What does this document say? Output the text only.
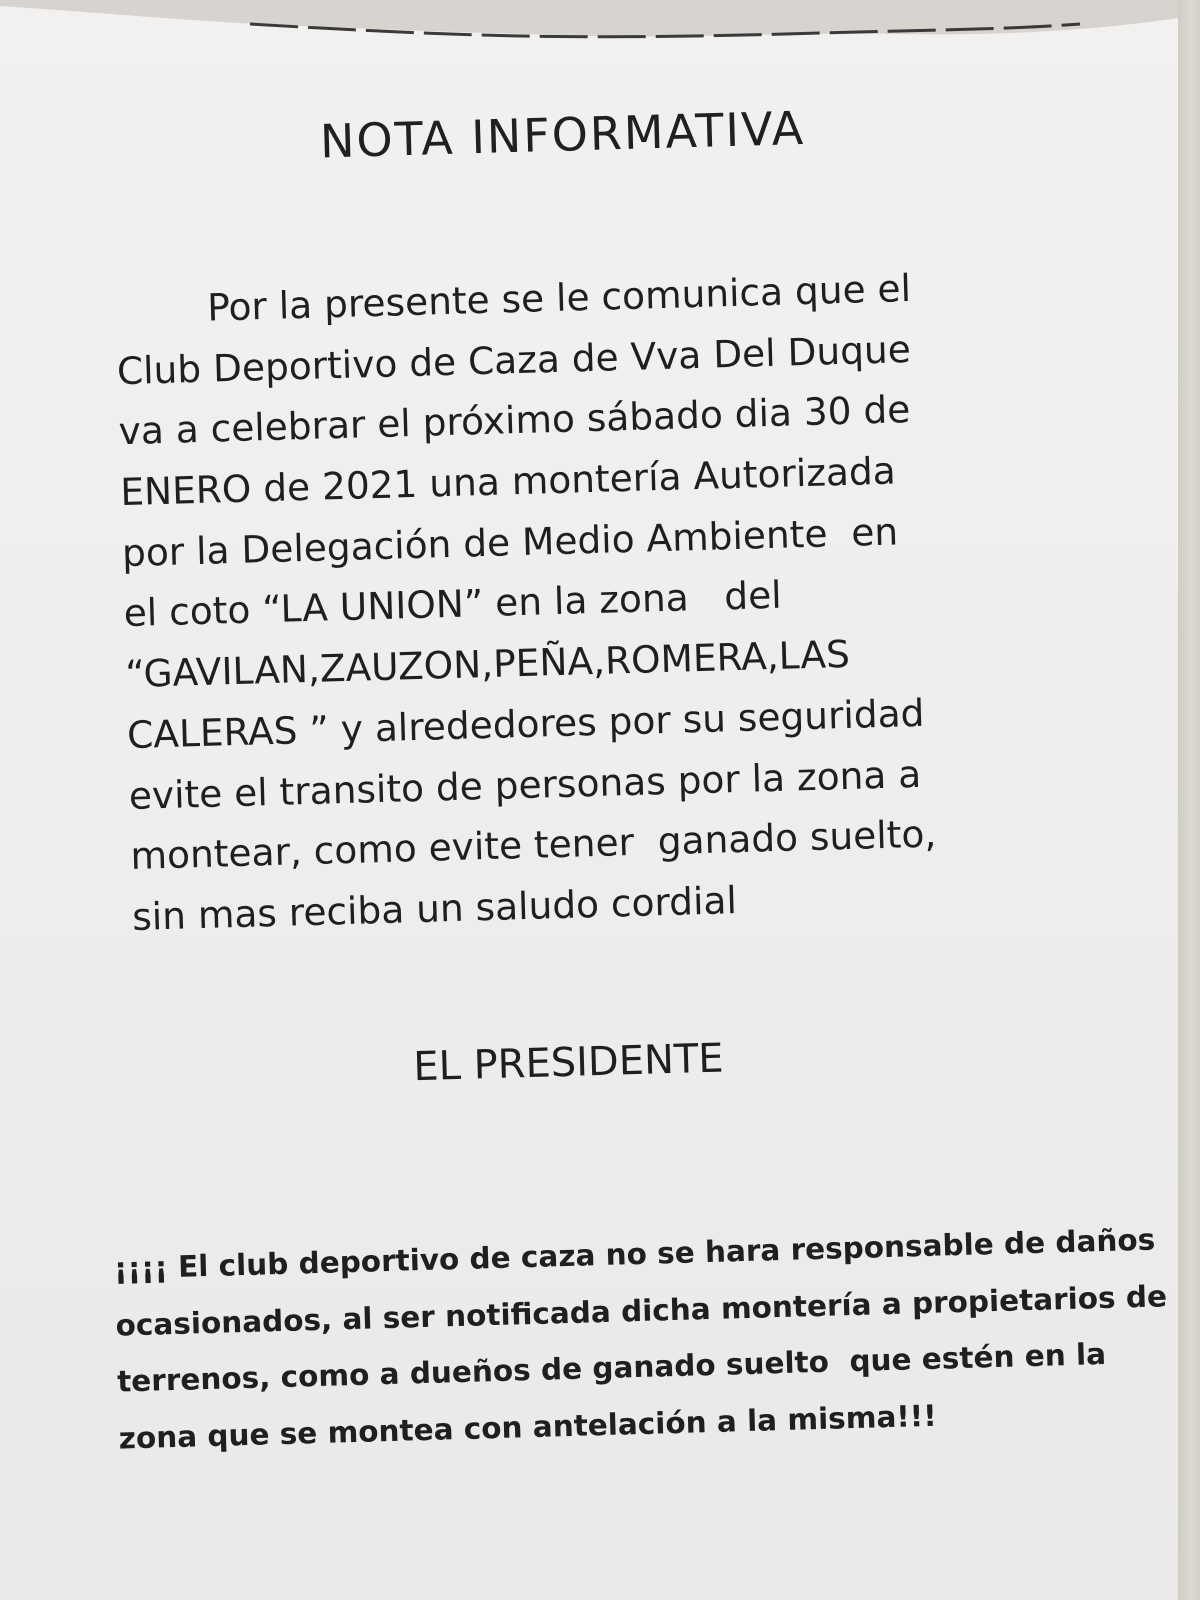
NOTA INFORMATIVA
Por la presente se le comunica que el
Club Deportivo de Caza de Vva Del Duque
va a celebrar el próximo sábado dia 30 de
ENERO de 2021 una montería Autorizada
por la Delegación de Medio Ambiente  en
el coto “LA UNION” en la zona   del
“GAVILAN,ZAUZON,PEÑA,ROMERA,LAS
CALERAS ” y alrededores por su seguridad
evite el transito de personas por la zona a
montear, como evite tener  ganado suelto,
sin mas reciba un saludo cordial
EL PRESIDENTE
¡¡¡¡ El club deportivo de caza no se hara responsable de daños
ocasionados, al ser notificada dicha montería a propietarios de
terrenos, como a dueños de ganado suelto  que estén en la
zona que se montea con antelación a la misma!!!
